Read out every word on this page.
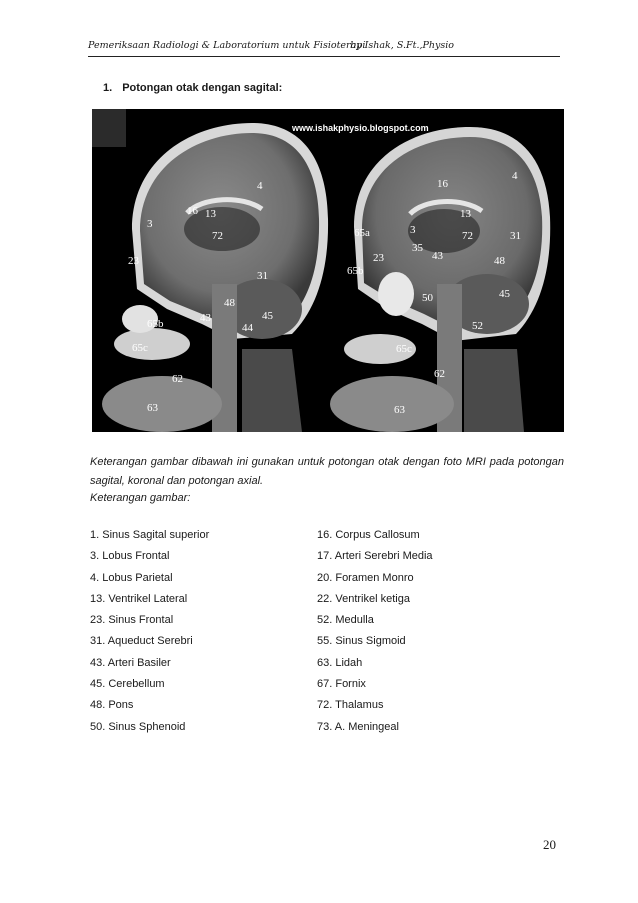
Pemeriksaan Radiologi & Laboratorium untuk Fisioterapi
by Ishak, S.Ft.,Physio
1. Potongan otak dengan sagital:
www.ishakphysio.blogspot.com
4
16 13
3
72
23
31
48
45
43
44
65b
65c
62
63
16
4
3
13
65a
35
72
43	48
31
23
65b
50	45
52
65c
62
63
Keterangan gambar dibawah ini gunakan untuk potongan otak dengan foto MRI pada potongan sagital, koronal dan potongan axial.
Keterangan gambar:
1. Sinus Sagital superior
3. Lobus Frontal
4. Lobus Parietal
13. Ventrikel Lateral
23. Sinus Frontal
31. Aqueduct Serebri
43. Arteri Basiler
45. Cerebellum
48. Pons
50. Sinus Sphenoid
16. Corpus Callosum
17. Arteri Serebri Media
20. Foramen Monro
22. Ventrikel ketiga
52. Medulla
55. Sinus Sigmoid
63. Lidah
67. Fornix
72. Thalamus
73. A. Meningeal
20
